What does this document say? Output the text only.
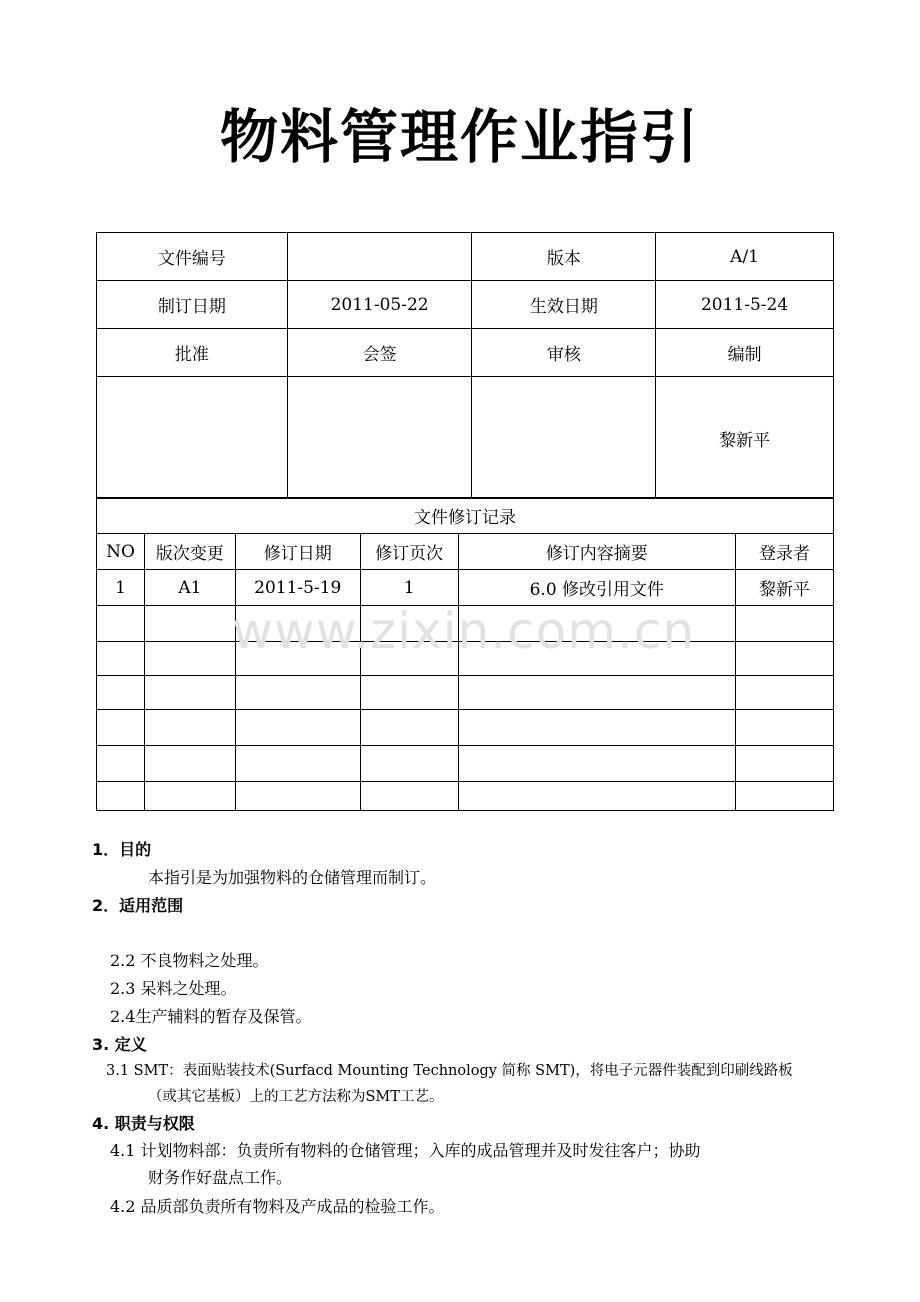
物料管理作业指引
文件编号		版本	A/1
制订日期	2011-05-22	生效日期	2011-5-24
批准	会签	审核	编制
			黎新平
文件修订记录					
NO	版次变更	修订日期	修订页次	修订内容摘要	登录者
1	A1	2011-5-19	1	6.0 修改引用文件	黎新平

www.zixin.com.cn
1．目的
本指引是为加强物料的仓储管理而制订。
2．适用范围
2.2 不良物料之处理。
2.3 呆料之处理。
2.4生产辅料的暂存及保管。
3. 定义
3.1 SMT：表面贴装技术(Surfacd Mounting Technology 简称 SMT)，将电子元器件装配到印刷线路板
（或其它基板）上的工艺方法称为SMT工艺。
4. 职责与权限
4.1 计划物料部：负责所有物料的仓储管理；入库的成品管理并及时发往客户；协助
财务作好盘点工作。
4.2 品质部负责所有物料及产成品的检验工作。
